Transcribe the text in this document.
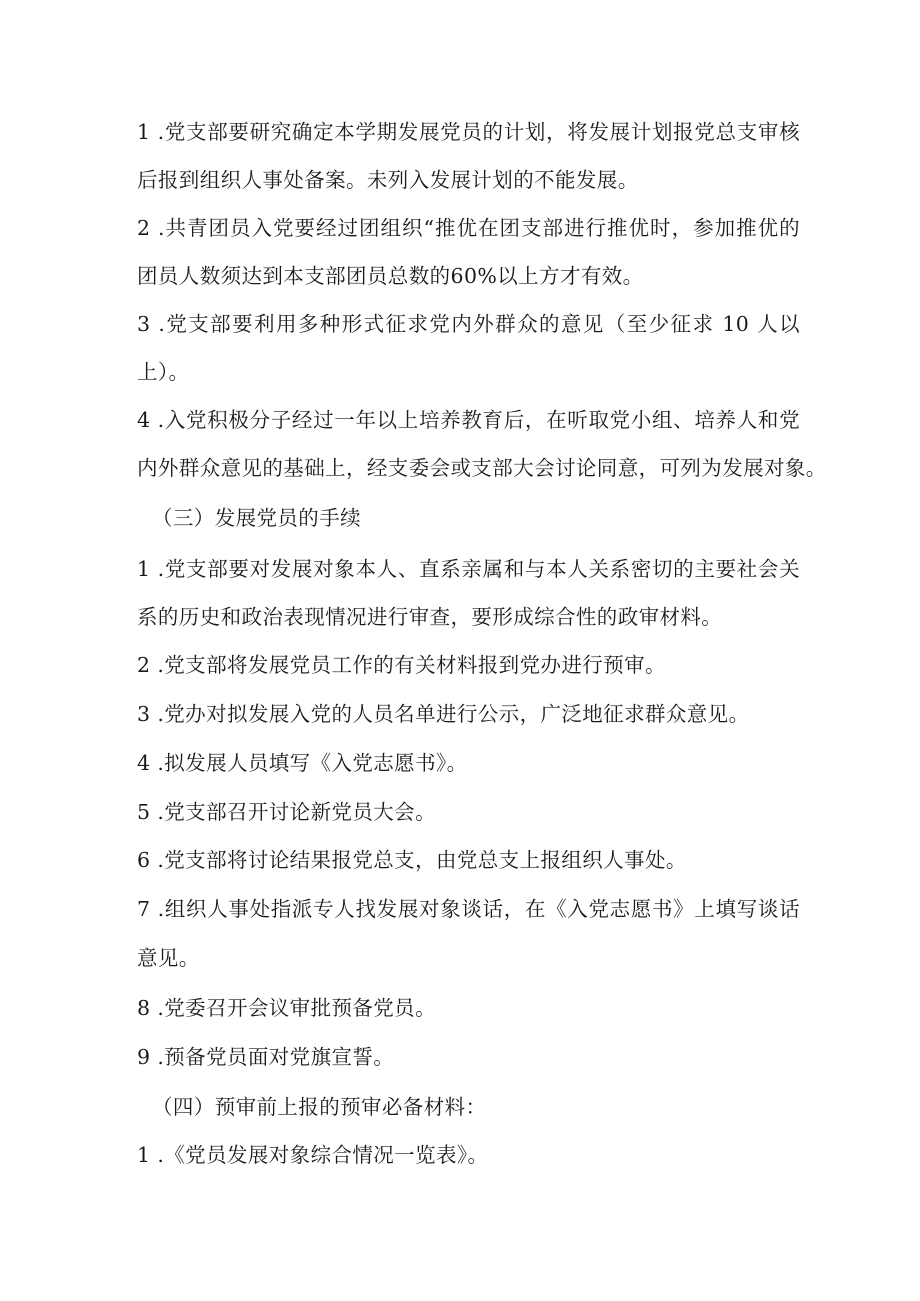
1 .党支部要研究确定本学期发展党员的计划，将发展计划报党总支审核
后报到组织人事处备案。未列入发展计划的不能发展。
2 .共青团员入党要经过团组织“推优在团支部进行推优时，参加推优的
团员人数须达到本支部团员总数的60%以上方才有效。
3 .党支部要利用多种形式征求党内外群众的意见（至少征求 10 人以
上）。
4 .入党积极分子经过一年以上培养教育后，在听取党小组、培养人和党
内外群众意见的基础上，经支委会或支部大会讨论同意，可列为发展对象。
（三）发展党员的手续
1 .党支部要对发展对象本人、直系亲属和与本人关系密切的主要社会关
系的历史和政治表现情况进行审查，要形成综合性的政审材料。
2 .党支部将发展党员工作的有关材料报到党办进行预审。
3 .党办对拟发展入党的人员名单进行公示，广泛地征求群众意见。
4 .拟发展人员填写《入党志愿书》。
5 .党支部召开讨论新党员大会。
6 .党支部将讨论结果报党总支，由党总支上报组织人事处。
7 .组织人事处指派专人找发展对象谈话，在《入党志愿书》上填写谈话
意见。
8 .党委召开会议审批预备党员。
9 .预备党员面对党旗宣誓。
（四）预审前上报的预审必备材料：
1 .《党员发展对象综合情况一览表》。
